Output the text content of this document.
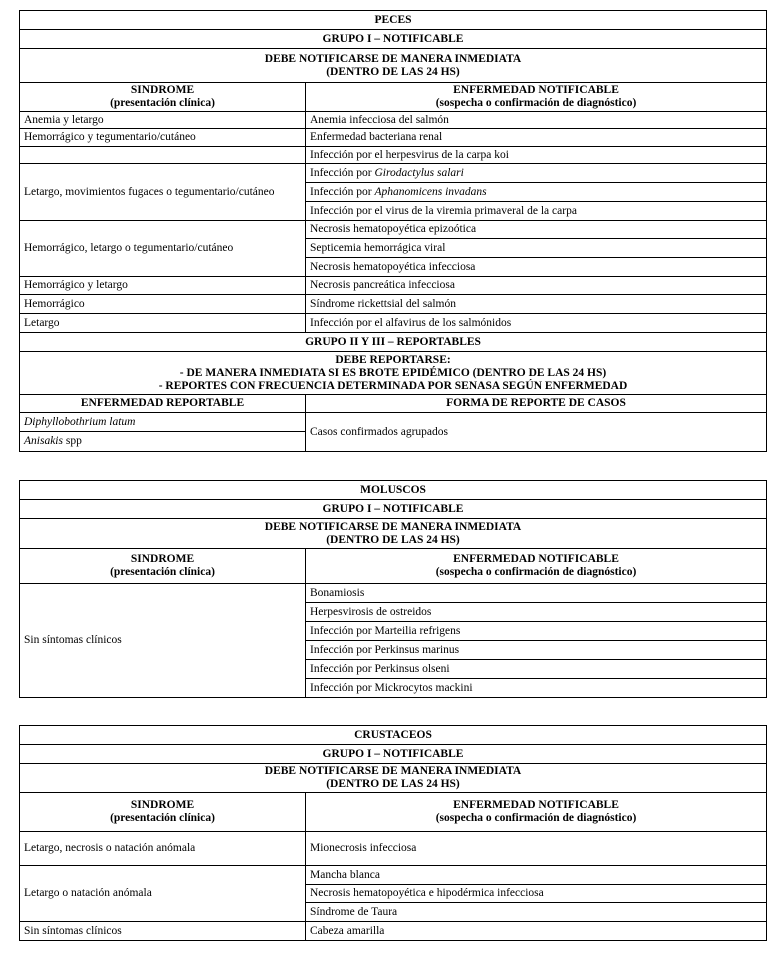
PECES	
GRUPO I – NOTIFICABLE	

DEBE NOTIFICARSE DE MANERA INMEDIATA
(DENTRO DE LAS 24 HS)	

SINDROME
(presentación clínica)

ENFERMEDAD NOTIFICABLE
(sospecha o confirmación de diagnóstico)

Anemia y letargo	Anemia infecciosa del salmón
Hemorrágico y tegumentario/cutáneo	Enfermedad bacteriana renal
	Infección por el herpesvirus de la carpa koi
Letargo, movimientos fugaces o tegumentario/cutáneo	Infección por Girodactylus salari
	Infección por Aphanomicens invadans
	Infección por el virus de la viremia primaveral de la carpa
Hemorrágico, letargo o tegumentario/cutáneo	Necrosis hematopoyética epizoótica
	Septicemia hemorrágica viral
	Necrosis hematopoyética infecciosa
Hemorrágico y letargo	Necrosis pancreática infecciosa
Hemorrágico	Síndrome rickettsial del salmón
Letargo	Infección por el alfavirus de los salmónidos
GRUPO II Y III – REPORTABLES	

DEBE REPORTARSE:
- DE MANERA INMEDIATA SI ES BROTE EPIDÉMICO (DENTRO DE LAS 24 HS)
- REPORTES CON FRECUENCIA DETERMINADA POR SENASA SEGÚN ENFERMEDAD	

ENFERMEDAD REPORTABLE	FORMA DE REPORTE DE CASOS
Diphyllobothrium latum	Casos confirmados agrupados
Anisakis spp	
MOLUSCOS	
GRUPO I – NOTIFICABLE	

DEBE NOTIFICARSE DE MANERA INMEDIATA
(DENTRO DE LAS 24 HS)	

SINDROME
(presentación clínica)

ENFERMEDAD NOTIFICABLE
(sospecha o confirmación de diagnóstico)

Sin síntomas clínicos	Bonamiosis
	Herpesvirosis de ostreidos
	Infección por Marteilia refrigens
	Infección por Perkinsus marinus
	Infección por Perkinsus olseni
	Infección por Mickrocytos mackini
CRUSTACEOS	
GRUPO I – NOTIFICABLE	

DEBE NOTIFICARSE DE MANERA INMEDIATA
(DENTRO DE LAS 24 HS)	

SINDROME
(presentación clínica)

ENFERMEDAD NOTIFICABLE
(sospecha o confirmación de diagnóstico)

Letargo, necrosis o natación anómala	Mionecrosis infecciosa
Letargo o natación anómala	Mancha blanca
	Necrosis hematopoyética e hipodérmica infecciosa
	Síndrome de Taura
Sin síntomas clínicos	Cabeza amarilla
